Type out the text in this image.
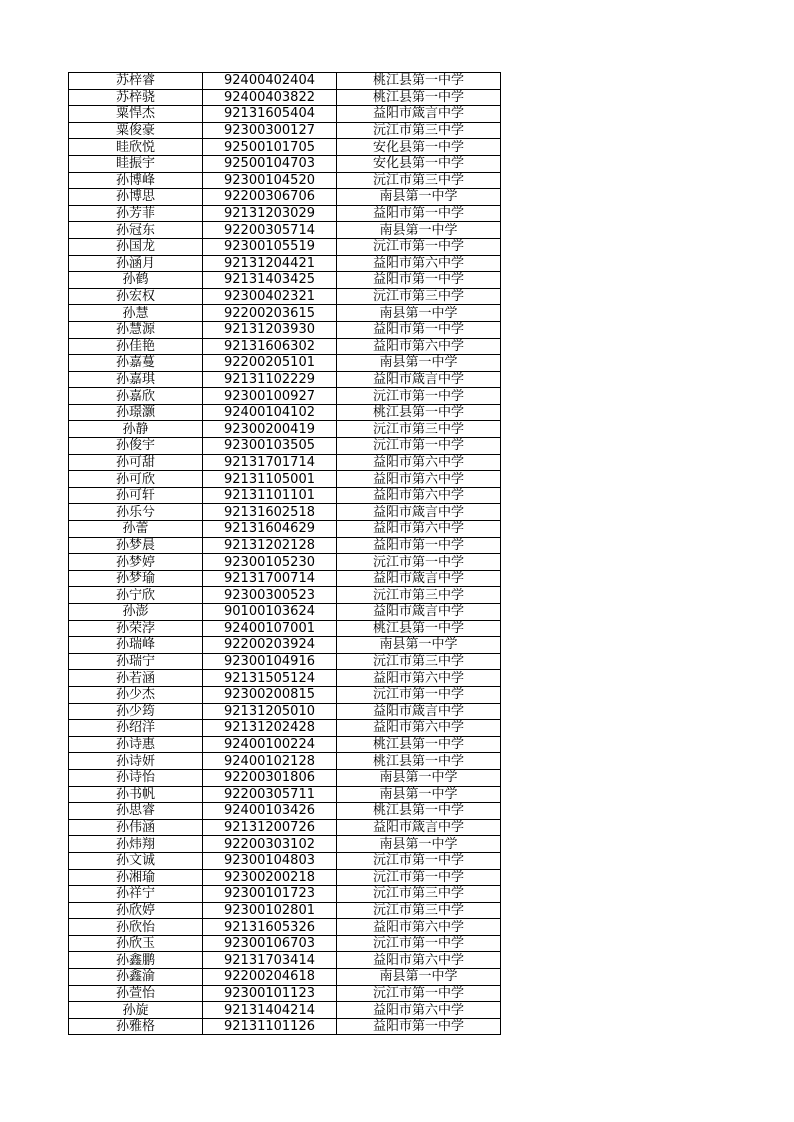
苏梓睿	92400402404	桃江县第一中学
苏梓骁	92400403822	桃江县第一中学
粟悍杰	92131605404	益阳市箴言中学
粟俊豪	92300300127	沅江市第三中学
眭欣悦	92500101705	安化县第一中学
眭振宇	92500104703	安化县第一中学
孙博峰	92300104520	沅江市第三中学
孙博思	92200306706	南县第一中学
孙芳菲	92131203029	益阳市第一中学
孙冠东	92200305714	南县第一中学
孙国龙	92300105519	沅江市第一中学
孙涵月	92131204421	益阳市第六中学
孙鹤	92131403425	益阳市第一中学
孙宏权	92300402321	沅江市第三中学
孙慧	92200203615	南县第一中学
孙慧源	92131203930	益阳市第一中学
孙佳艳	92131606302	益阳市第六中学
孙嘉蔓	92200205101	南县第一中学
孙嘉琪	92131102229	益阳市箴言中学
孙嘉欣	92300100927	沅江市第一中学
孙璟灏	92400104102	桃江县第一中学
孙静	92300200419	沅江市第三中学
孙俊宇	92300103505	沅江市第一中学
孙可甜	92131701714	益阳市第六中学
孙可欣	92131105001	益阳市第六中学
孙可轩	92131101101	益阳市第六中学
孙乐兮	92131602518	益阳市箴言中学
孙蕾	92131604629	益阳市第六中学
孙梦晨	92131202128	益阳市第一中学
孙梦婷	92300105230	沅江市第一中学
孙梦瑜	92131700714	益阳市箴言中学
孙宁欣	92300300523	沅江市第三中学
孙澎	90100103624	益阳市箴言中学
孙荣浡	92400107001	桃江县第一中学
孙瑞峰	92200203924	南县第一中学
孙瑞宁	92300104916	沅江市第三中学
孙若涵	92131505124	益阳市第六中学
孙少杰	92300200815	沅江市第一中学
孙少筠	92131205010	益阳市箴言中学
孙绍洋	92131202428	益阳市第六中学
孙诗惠	92400100224	桃江县第一中学
孙诗妍	92400102128	桃江县第一中学
孙诗怡	92200301806	南县第一中学
孙书帆	92200305711	南县第一中学
孙思睿	92400103426	桃江县第一中学
孙伟涵	92131200726	益阳市箴言中学
孙炜翔	92200303102	南县第一中学
孙文诚	92300104803	沅江市第一中学
孙湘瑜	92300200218	沅江市第一中学
孙祥宁	92300101723	沅江市第三中学
孙欣婷	92300102801	沅江市第三中学
孙欣怡	92131605326	益阳市第六中学
孙欣玉	92300106703	沅江市第一中学
孙鑫鹏	92131703414	益阳市第六中学
孙鑫渝	92200204618	南县第一中学
孙萱怡	92300101123	沅江市第一中学
孙旋	92131404214	益阳市第六中学
孙雅格	92131101126	益阳市第一中学
